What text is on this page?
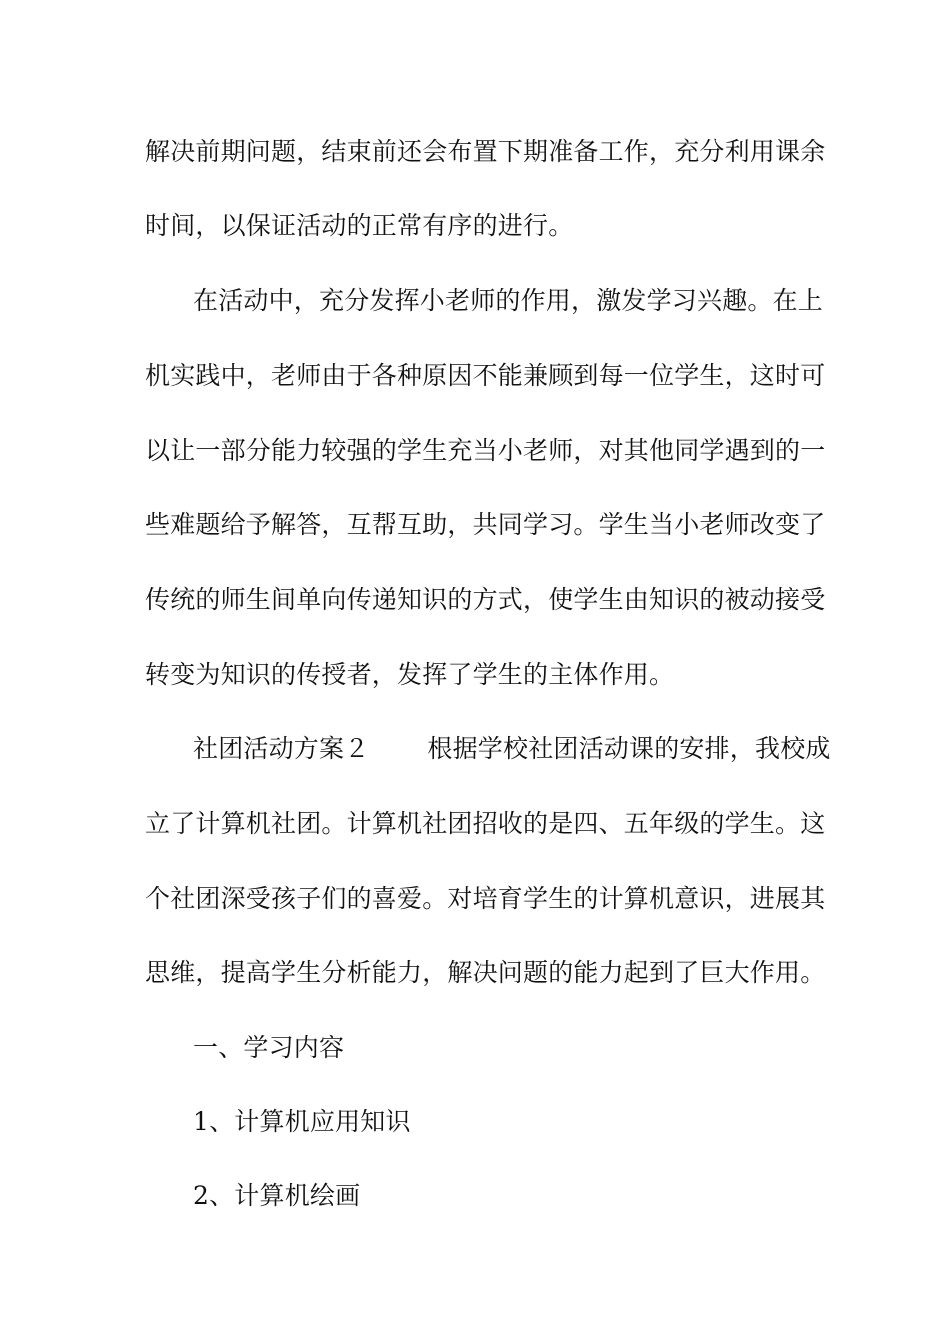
解决前期问题，结束前还会布置下期准备工作，充分利用课余
时间，以保证活动的正常有序的进行。
在活动中，充分发挥小老师的作用，激发学习兴趣。在上
机实践中，老师由于各种原因不能兼顾到每一位学生，这时可
以让一部分能力较强的学生充当小老师，对其他同学遇到的一
些难题给予解答，互帮互助，共同学习。学生当小老师改变了
传统的师生间单向传递知识的方式，使学生由知识的被动接受
转变为知识的传授者，发挥了学生的主体作用。
社团活动方案２ 根据学校社团活动课的安排，我校成
立了计算机社团。计算机社团招收的是四、五年级的学生。这
个社团深受孩子们的喜爱。对培育学生的计算机意识，进展其
思维，提高学生分析能力，解决问题的能力起到了巨大作用。
一、学习内容
1、计算机应用知识
2、计算机绘画
